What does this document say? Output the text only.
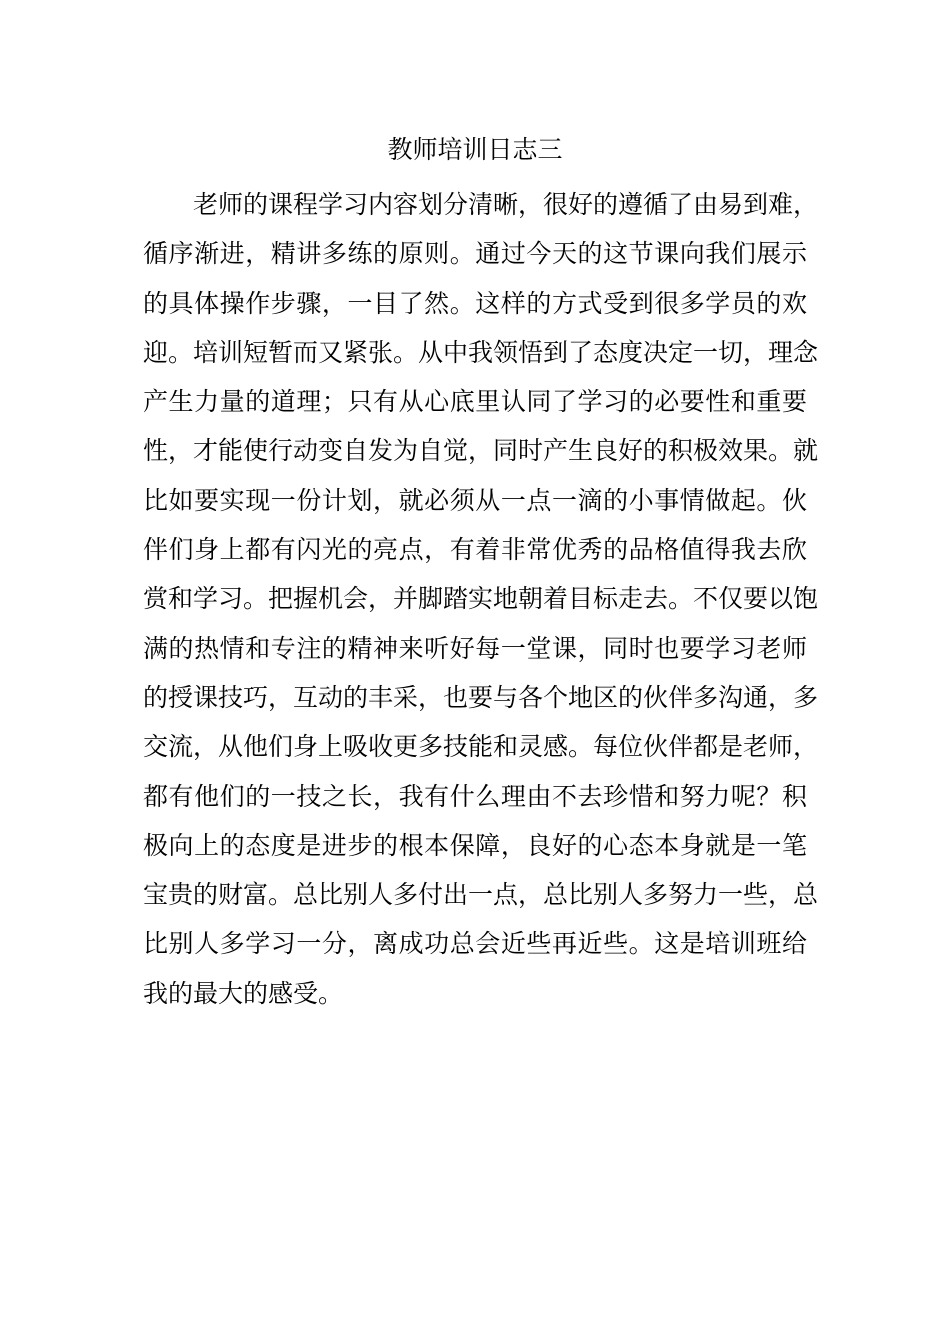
教师培训日志三
老师的课程学习内容划分清晰，很好的遵循了由易到难，
循序渐进，精讲多练的原则。通过今天的这节课向我们展示
的具体操作步骤，一目了然。这样的方式受到很多学员的欢
迎。培训短暂而又紧张。从中我领悟到了态度决定一切，理念
产生力量的道理；只有从心底里认同了学习的必要性和重要
性，才能使行动变自发为自觉，同时产生良好的积极效果。就
比如要实现一份计划，就必须从一点一滴的小事情做起。伙
伴们身上都有闪光的亮点，有着非常优秀的品格值得我去欣
赏和学习。把握机会，并脚踏实地朝着目标走去。不仅要以饱
满的热情和专注的精神来听好每一堂课，同时也要学习老师
的授课技巧，互动的丰采，也要与各个地区的伙伴多沟通，多
交流，从他们身上吸收更多技能和灵感。每位伙伴都是老师，
都有他们的一技之长，我有什么理由不去珍惜和努力呢？积
极向上的态度是进步的根本保障，良好的心态本身就是一笔
宝贵的财富。总比别人多付出一点，总比别人多努力一些，总
比别人多学习一分，离成功总会近些再近些。这是培训班给
我的最大的感受。
